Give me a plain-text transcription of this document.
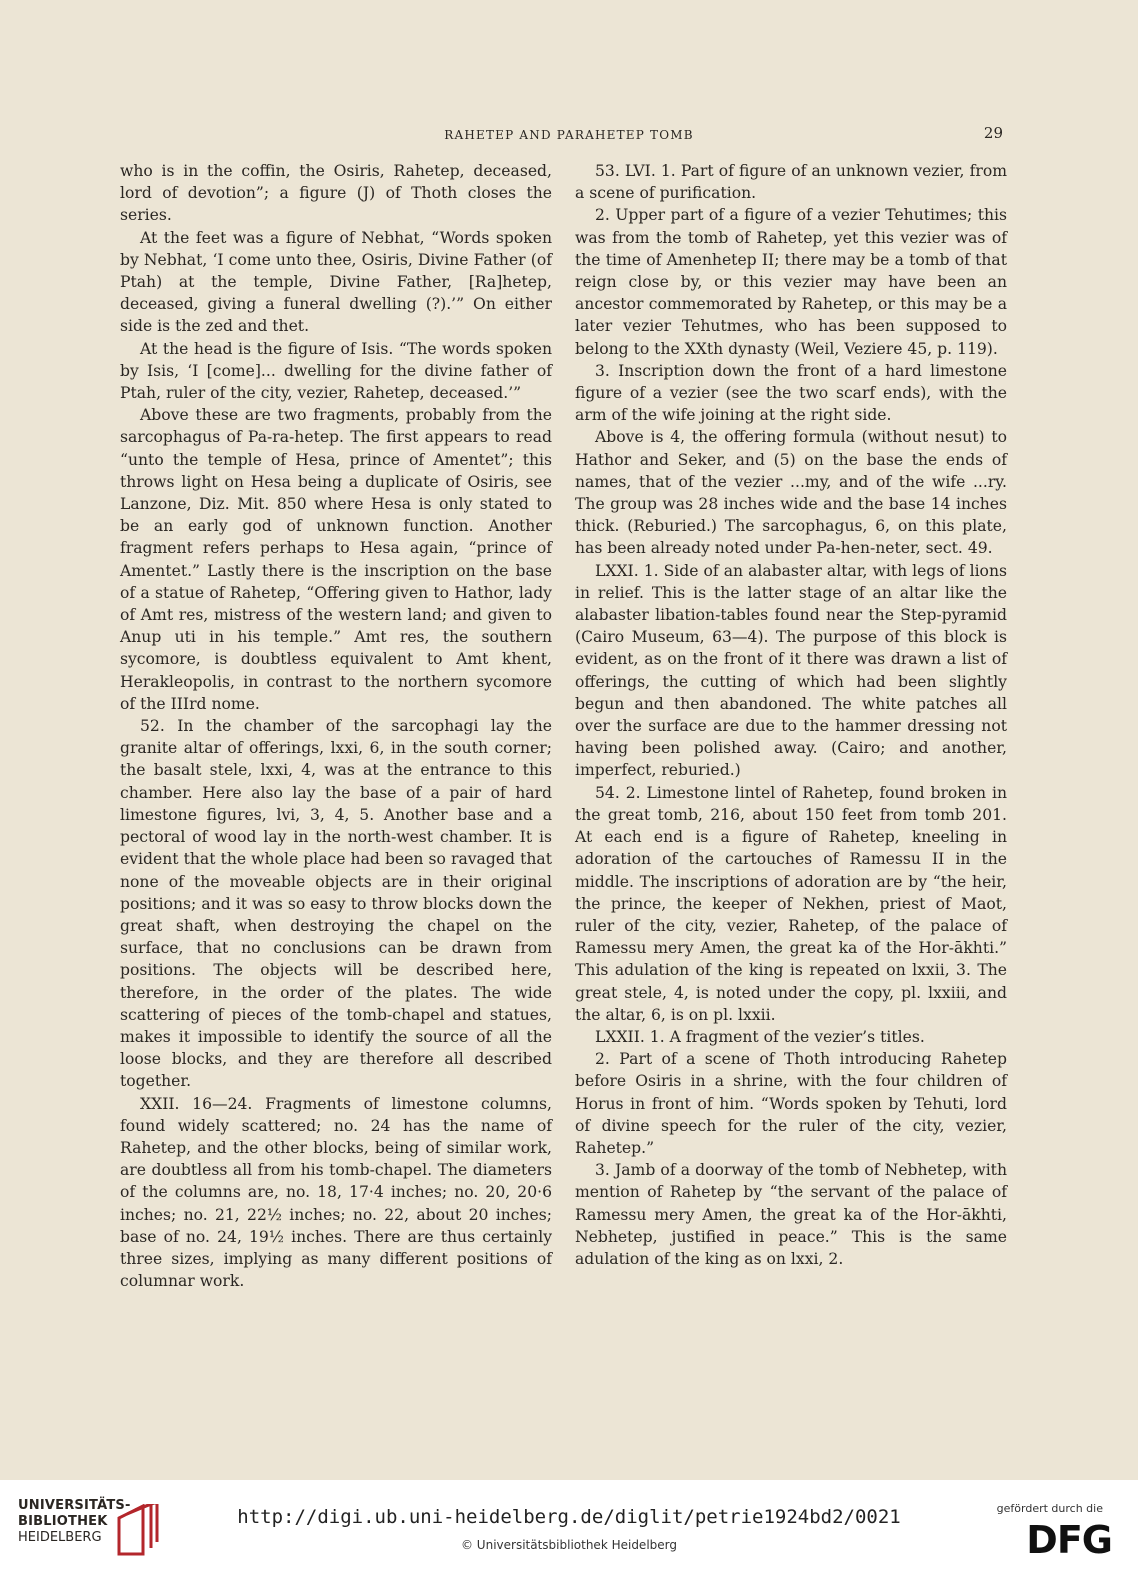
RAHETEP AND PARAHETEP TOMB	29

who is in the coffin, the Osiris, Rahetep, deceased, lord of devotion”; a figure (J) of Thoth closes the series.

At the feet was a figure of Nebhat, “Words spoken by Nebhat, ‘I come unto thee, Osiris, Divine Father (of Ptah) at the temple, Divine Father, [Ra]hetep, deceased, giving a funeral dwelling (?).’” On either side is the zed and thet.

At the head is the figure of Isis. “The words spoken by Isis, ‘I [come]... dwelling for the divine father of Ptah, ruler of the city, vezier, Rahetep, deceased.’”

Above these are two fragments, probably from the sarcophagus of Pa-ra-hetep. The first appears to read “unto the temple of Hesa, prince of Amentet”; this throws light on Hesa being a duplicate of Osiris, see Lanzone, Diz. Mit. 850 where Hesa is only stated to be an early god of unknown function. Another fragment refers perhaps to Hesa again, “prince of Amentet.” Lastly there is the inscription on the base of a statue of Rahetep, “Offering given to Hathor, lady of Amt res, mistress of the western land; and given to Anup uti in his temple.” Amt res, the southern sycomore, is doubtless equivalent to Amt khent, Herakleopolis, in contrast to the northern sycomore of the IIIrd nome.

52. In the chamber of the sarcophagi lay the granite altar of offerings, lxxi, 6, in the south corner; the basalt stele, lxxi, 4, was at the entrance to this chamber. Here also lay the base of a pair of hard limestone figures, lvi, 3, 4, 5. Another base and a pectoral of wood lay in the north-west chamber. It is evident that the whole place had been so ravaged that none of the moveable objects are in their original positions; and it was so easy to throw blocks down the great shaft, when destroying the chapel on the surface, that no conclusions can be drawn from positions. The objects will be described here, therefore, in the order of the plates. The wide scattering of pieces of the tomb-chapel and statues, makes it impossible to identify the source of all the loose blocks, and they are therefore all described together.

XXII. 16—24. Fragments of limestone columns, found widely scattered; no. 24 has the name of Rahetep, and the other blocks, being of similar work, are doubtless all from his tomb-chapel. The diameters of the columns are, no. 18, 17·4 inches; no. 20, 20·6 inches; no. 21, 22½ inches; no. 22, about 20 inches; base of no. 24, 19½ inches. There are thus certainly three sizes, implying as many different positions of columnar work.

53. LVI. 1. Part of figure of an unknown vezier, from a scene of purification.

2. Upper part of a figure of a vezier Tehutimes; this was from the tomb of Rahetep, yet this vezier was of the time of Amenhetep II; there may be a tomb of that reign close by, or this vezier may have been an ancestor commemorated by Rahetep, or this may be a later vezier Tehutmes, who has been supposed to belong to the XXth dynasty (Weil, Veziere 45, p. 119).

3. Inscription down the front of a hard limestone figure of a vezier (see the two scarf ends), with the arm of the wife joining at the right side.

Above is 4, the offering formula (without nesut) to Hathor and Seker, and (5) on the base the ends of names, that of the vezier ...my, and of the wife ...ry. The group was 28 inches wide and the base 14 inches thick. (Reburied.) The sarcophagus, 6, on this plate, has been already noted under Pa-hen-neter, sect. 49.

LXXI. 1. Side of an alabaster altar, with legs of lions in relief. This is the latter stage of an altar like the alabaster libation-tables found near the Step-pyramid (Cairo Museum, 63—4). The purpose of this block is evident, as on the front of it there was drawn a list of offerings, the cutting of which had been slightly begun and then abandoned. The white patches all over the surface are due to the hammer dressing not having been polished away. (Cairo; and another, imperfect, reburied.)

54. 2. Limestone lintel of Rahetep, found broken in the great tomb, 216, about 150 feet from tomb 201. At each end is a figure of Rahetep, kneeling in adoration of the cartouches of Ramessu II in the middle. The inscriptions of adoration are by “the heir, the prince, the keeper of Nekhen, priest of Maot, ruler of the city, vezier, Rahetep, of the palace of Ramessu mery Amen, the great ka of the Hor-ākhti.” This adulation of the king is repeated on lxxii, 3. The great stele, 4, is noted under the copy, pl. lxxiii, and the altar, 6, is on pl. lxxii.

LXXII. 1. A fragment of the vezier’s titles.

2. Part of a scene of Thoth introducing Rahetep before Osiris in a shrine, with the four children of Horus in front of him. “Words spoken by Tehuti, lord of divine speech for the ruler of the city, vezier, Rahetep.”

3. Jamb of a doorway of the tomb of Nebhetep, with mention of Rahetep by “the servant of the palace of Ramessu mery Amen, the great ka of the Hor-ākhti, Nebhetep, justified in peace.” This is the same adulation of the king as on lxxi, 2.

UNIVERSITÄTS-
BIBLIOTHEK
HEIDELBERG
http://digi.ub.uni-heidelberg.de/diglit/petrie1924bd2/0021
© Universitätsbibliothek Heidelberg
gefördert durch die
DFG
